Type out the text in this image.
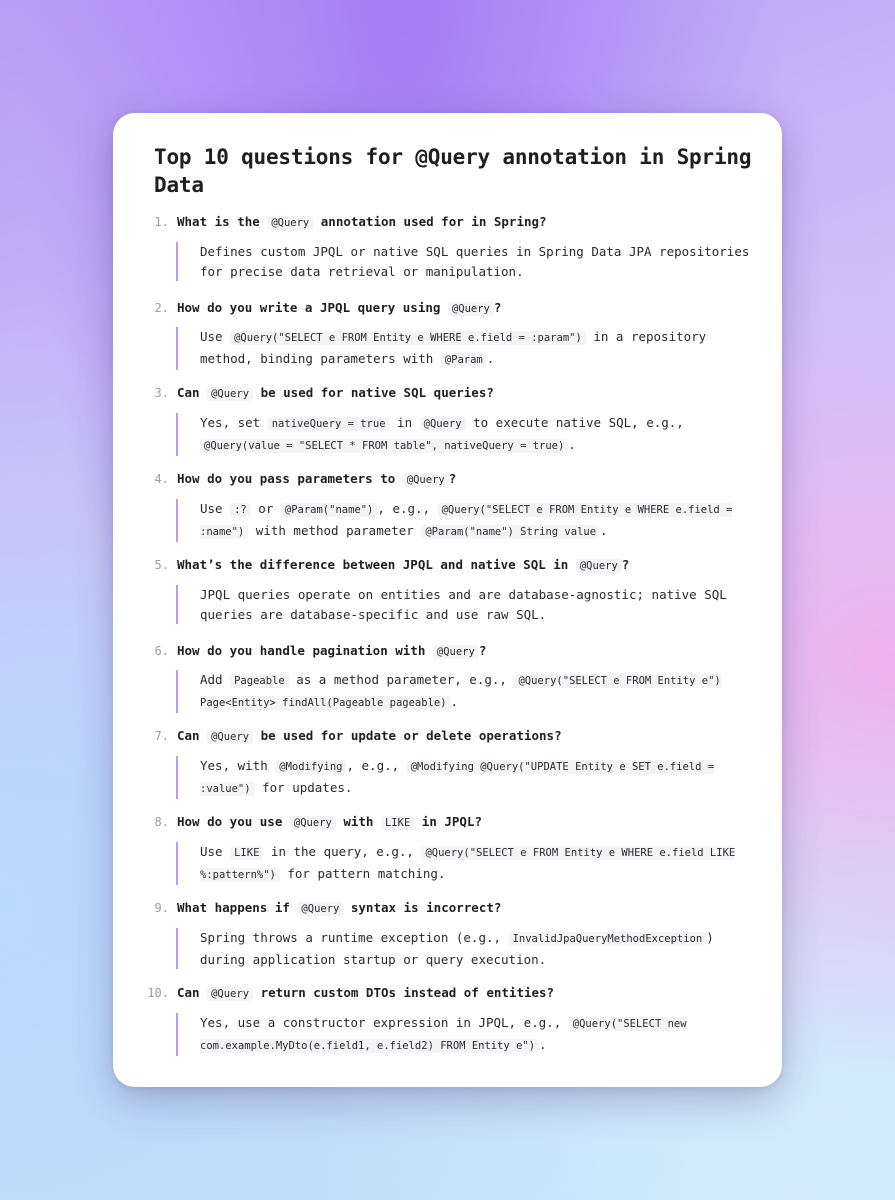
Top 10 questions for @Query annotation in Spring Data
1. What is the @Query annotation used for in Spring?
Defines custom JPQL or native SQL queries in Spring Data JPA repositories for precise data retrieval or manipulation.
2. How do you write a JPQL query using @Query ?
Use @Query("SELECT e FROM Entity e WHERE e.field = :param") in a repository method, binding parameters with @Param .
3. Can @Query be used for native SQL queries?
Yes, set nativeQuery = true in @Query to execute native SQL, e.g., @Query(value = "SELECT * FROM table", nativeQuery = true) .
4. How do you pass parameters to @Query ?
Use :? or @Param("name") , e.g., @Query("SELECT e FROM Entity e WHERE e.field = :name") with method parameter @Param("name") String value .
5. What’s the difference between JPQL and native SQL in @Query ?
JPQL queries operate on entities and are database-agnostic; native SQL queries are database-specific and use raw SQL.
6. How do you handle pagination with @Query ?
Add Pageable as a method parameter, e.g., @Query("SELECT e FROM Entity e") Page<Entity> findAll(Pageable pageable) .
7. Can @Query be used for update or delete operations?
Yes, with @Modifying , e.g., @Modifying @Query("UPDATE Entity e SET e.field = :value") for updates.
8. How do you use @Query with LIKE in JPQL?
Use LIKE in the query, e.g., @Query("SELECT e FROM Entity e WHERE e.field LIKE %:pattern%") for pattern matching.
9. What happens if @Query syntax is incorrect?
Spring throws a runtime exception (e.g., InvalidJpaQueryMethodException ) during application startup or query execution.
10. Can @Query return custom DTOs instead of entities?
Yes, use a constructor expression in JPQL, e.g., @Query("SELECT new com.example.MyDto(e.field1, e.field2) FROM Entity e") .
